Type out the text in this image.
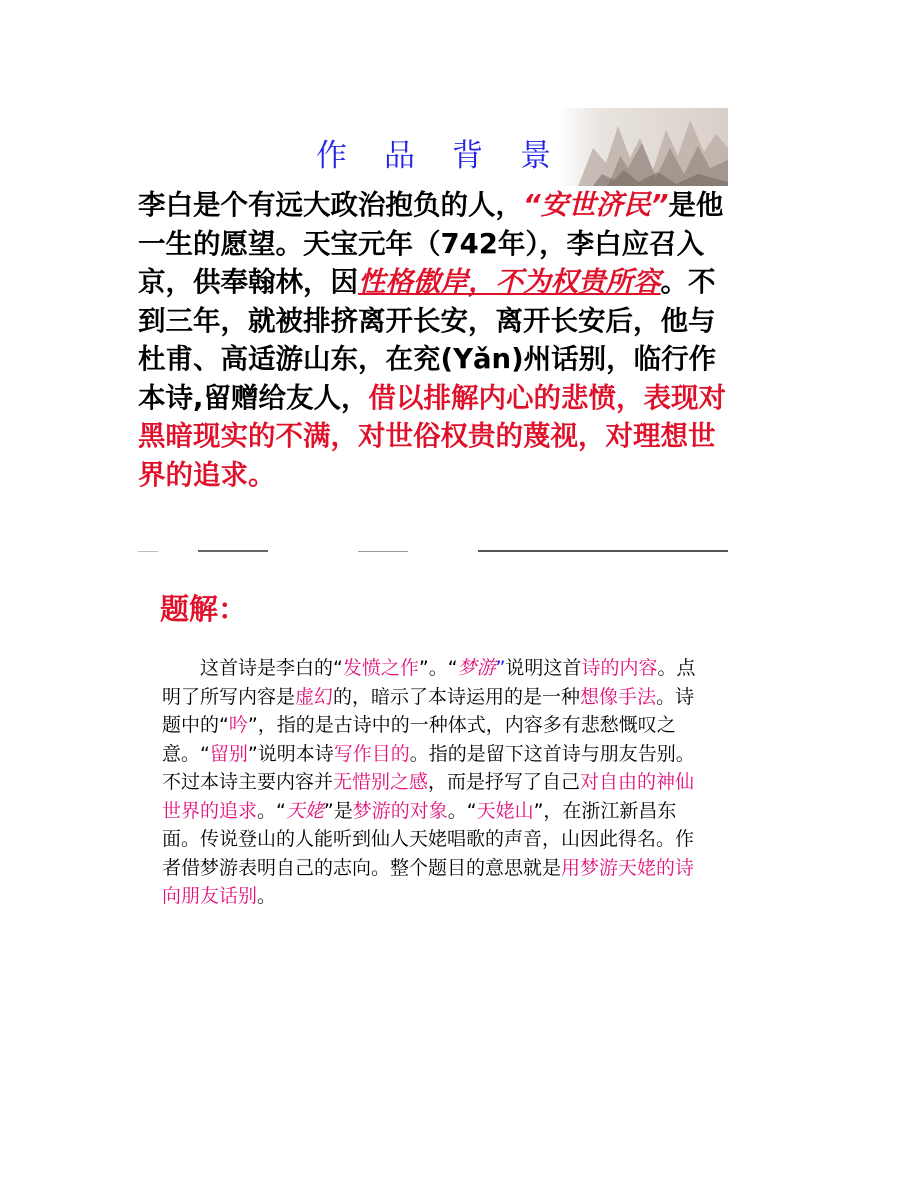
作 品 背 景
李白是个有远大政治抱负的人，“安世济民”是他一生的愿望。天宝元年（742年），李白应召入京，供奉翰林，因性格傲岸，不为权贵所容。不到三年，就被排挤离开长安，离开长安后，他与杜甫、高适游山东，在兖(Yǎn)州话别，临行作本诗,留赠给友人，借以排解内心的悲愤，表现对黑暗现实的不满，对世俗权贵的蔑视，对理想世界的追求。
题解：
　　这首诗是李白的“发愤之作”。“梦游”说明这首诗的内容。点明了所写内容是虚幻的，暗示了本诗运用的是一种想像手法。诗题中的“吟”，指的是古诗中的一种体式，内容多有悲愁慨叹之意。“留别”说明本诗写作目的。指的是留下这首诗与朋友告别。不过本诗主要内容并无惜别之感，而是抒写了自己对自由的神仙世界的追求。“天姥”是梦游的对象。“天姥山”，在浙江新昌东面。传说登山的人能听到仙人天姥唱歌的声音，山因此得名。作者借梦游表明自己的志向。整个题目的意思就是用梦游天姥的诗向朋友话别。
